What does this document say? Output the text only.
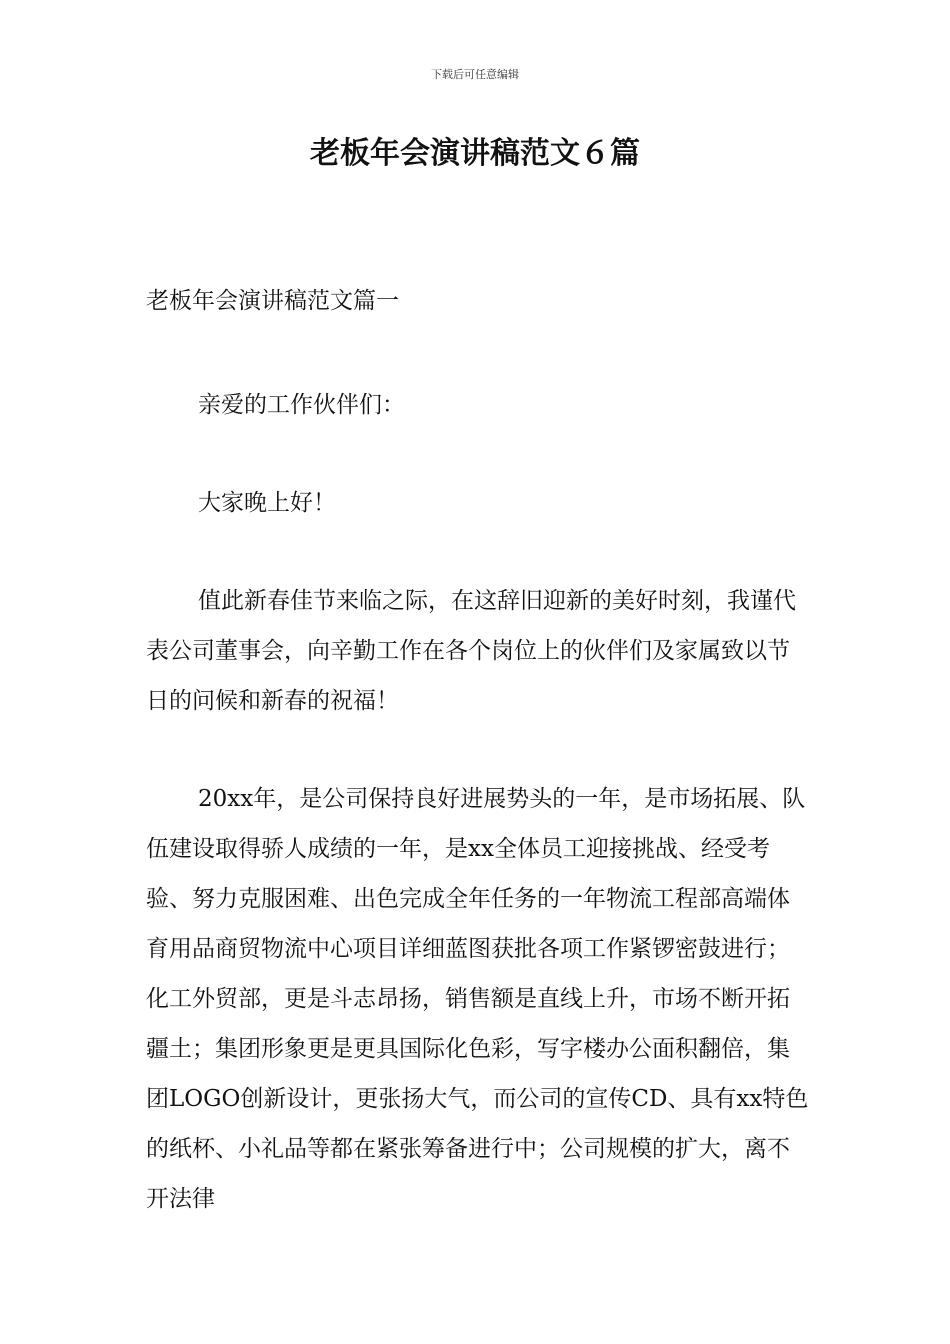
下载后可任意编辑
老板年会演讲稿范文６篇
老板年会演讲稿范文篇一
亲爱的工作伙伴们：
大家晚上好！
值此新春佳节来临之际，在这辞旧迎新的美好时刻，我谨代表公司董事会，向辛勤工作在各个岗位上的伙伴们及家属致以节日的问候和新春的祝福！
20xx年，是公司保持良好进展势头的一年，是市场拓展、队伍建设取得骄人成绩的一年，是xx全体员工迎接挑战、经受考验、努力克服困难、出色完成全年任务的一年物流工程部高端体育用品商贸物流中心项目详细蓝图获批各项工作紧锣密鼓进行；化工外贸部，更是斗志昂扬，销售额是直线上升，市场不断开拓疆土；集团形象更是更具国际化色彩，写字楼办公面积翻倍，集团LOGO创新设计，更张扬大气，而公司的宣传CD、具有xx特色的纸杯、小礼品等都在紧张筹备进行中；公司规模的扩大，离不开法律
